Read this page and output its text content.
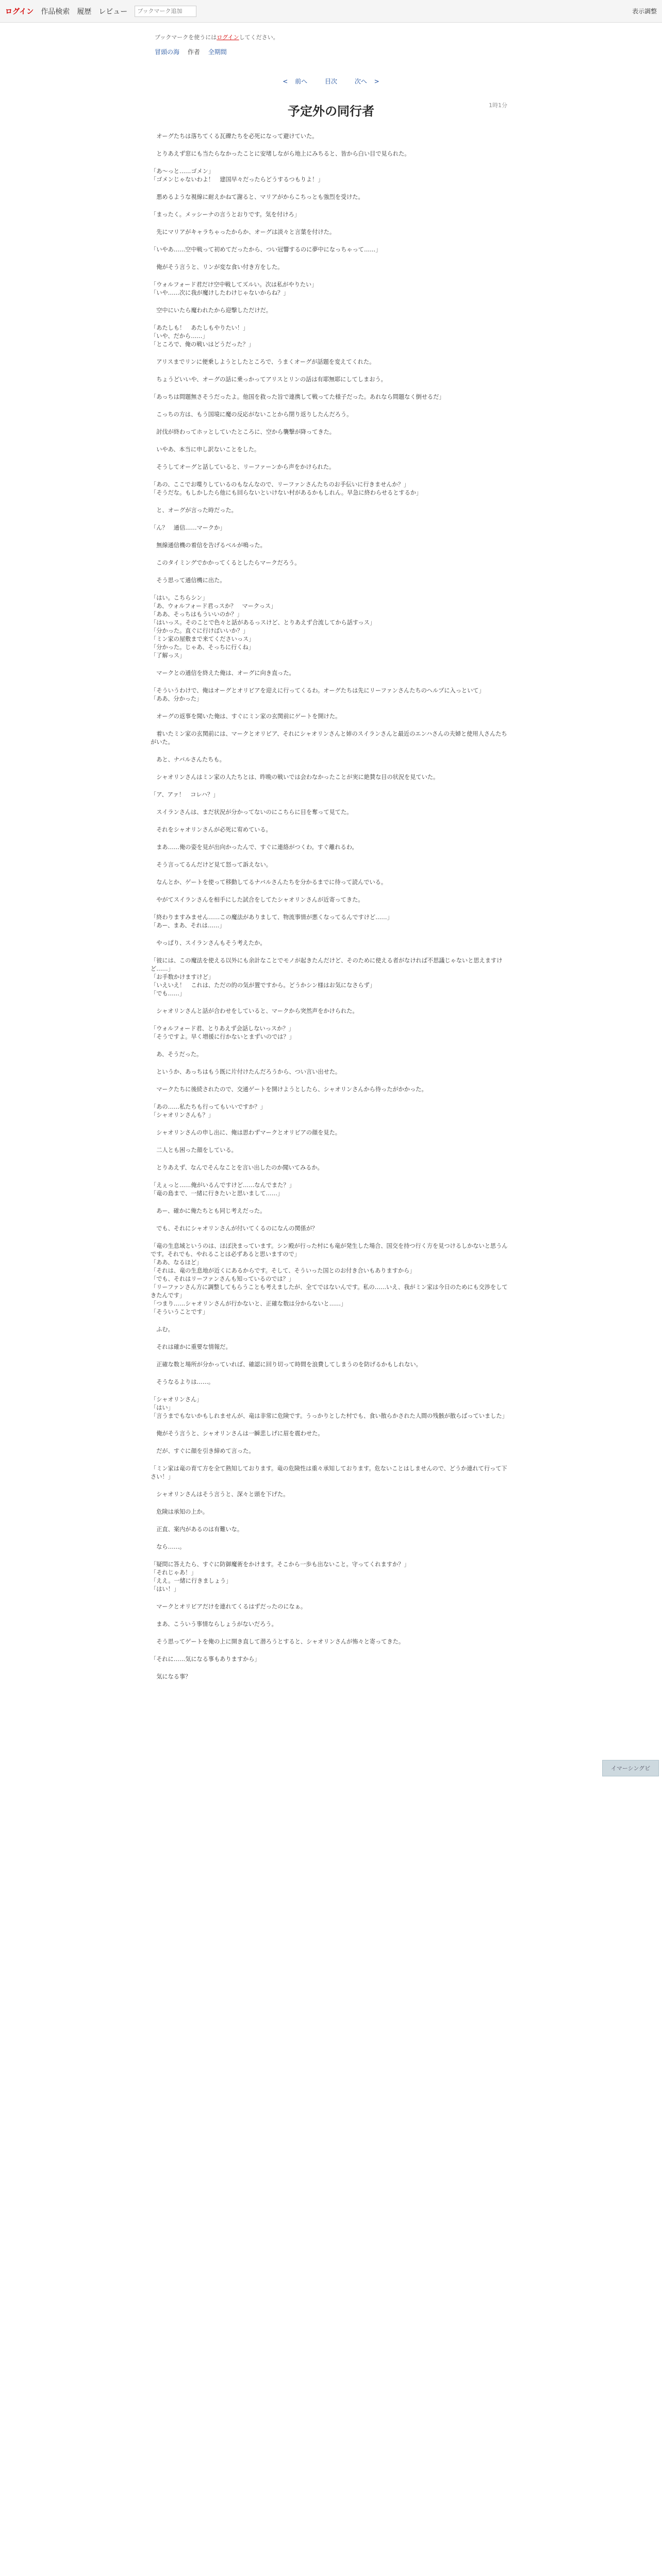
ログイン 作品検索 履歴 レビュー
ブックマーク追加	表示調整
ブックマークを使うにはログインしてください。
冒頭の海 作者 全期間
< 前へ	目次	次へ >
1時1分
予定外の同行者

オーグたちは落ちてくる瓦礫たちを必死になって避けていた。

とりあえず窓にも当たらなかったことに安堵しながら地上にみちると、皆から白い目で見られた。

「あ～っと……ゴメン」
「ゴメンじゃないわよ！　建国早々だったらどうするつもりよ！」

悪めるような視線に耐えかねて謝ると、マリアがからこちっとも強烈を受けた。

「まったく。メッシーナの言うとおりです。気を付けろ」

先にマリアがキャラちゃったからか、オーグは淡々と言葉を付けた。

「いやあ……空中戦って初めてだったから、つい冠響するのに夢中になっちゃって……」

俺がそう言うと、リンが変な食い付き方をした。

「ウォルフォード君だけ空中戦してズルい。次は私がやりたい」
「いや……次に我が魔けしたわけじゃないからね？」

空中にいたら魔われたから迎撃しただけだ。

「あたしも！　あたしもやりたい！」
「いや、だから……」
「ところで、俺の戦いはどうだった？」

アリスまでリンに便乗しようとしたところで、うまくオーグが話題を変えてくれた。

ちょうどいいや、オーグの話に乗っかってアリスとリンの話は有耶無耶にしてしまおう。

「あっちは問題無さそうだったよ。他国を救った旨で連携して戦ってた様子だった。あれなら問題なく倒せるだ」

こっちの方は、もう国境に魔の反応がないことから閉り返りしたんだろう。

討伐が終わってホッとしていたところに、空から襲撃が降ってきた。

いやあ、本当に申し訳ないことをした。

そうしてオーグと話していると、リーファーンから声をかけられた。

「あの、ここでお喋りしているのもなんなので、リーファンさんたちのお手伝いに行きませんか？」
「そうだな。もしかしたら他にも回らないといけない村があるかもしれん。早急に終わらせるとするか」

と、オーグが言った時だった。

「ん？　通信……マークか」

無線通信機の着信を告げるベルが鳴った。

このタイミングでかかってくるとしたらマークだろう。

そう思って通信機に出た。

「はい。こちらシン」
「あ、ウォルフォード君っスか？　マークっス」
「ああ、そっちはもういいのか？」
「はいっス。そのことで色々と話があるっスけど、とりあえず合流してから話すっス」
「分かった。直ぐに行けばいいか？」
「ミン家の屋敷まで来てくださいっス」
「分かった。じゃあ、そっちに行くね」
「了解っス」

マークとの通信を終えた俺は、オーグに向き直った。

「そういうわけで、俺はオーグとオリビアを迎えに行ってくるわ。オーグたちは先にリーファンさんたちのヘルプに入っといて」
「ああ、分かった」

オーグの返事を聞いた俺は、すぐにミン家の玄関前にゲートを開けた。

着いたミン家の玄関前には、マークとオリビア、それにシャオリンさんと姉のスイランさんと最近のエンハさんの夫婦と使用人さんたちがいた。

あと、ナバルさんたちも。

シャオリンさんはミン家の人たちとは、昨晩の戦いでは会わなかったことが実に絶賛な目の状況を見ていた。

「ア、アァ！　コレハ？」

スイランさんは、まだ状況が分かってないのにこちらに目を奪って見てた。

それをシャオリンさんが必死に宥めている。

まあ……俺の姿を見が出向かったんで、すぐに連絡がつくわ。すぐ離れるわ。

そう言ってるんだけど見て怒って訴えない。

なんとか、ゲートを使って移動してるナバルさんたちを分かるまでに待って読んでいる。

やがてスイランさんを相手にした試合をしてたシャオリンさんが近寄ってきた。

「終わりますみません……この魔法がありまして、物流事情が悪くなってるんですけど……」
「あー、まあ、それは……」

やっぱり、スイランさんもそう考えたか。

「彼には、この魔法を使える以外にも余計なことでモノが起きたんだけど、そのために使える者がなければ不思議じゃないと思えますけど……」
「お手数かけますけど」
「いえいえ！　これは、ただの的の気が置ですから。どうかシン様はお気になさらず」
「でも……」

シャオリンさんと話が合わせをしていると、マークから突然声をかけられた。

「ウォルフォード君、とりあえず会話しないっスか？」
「そうですよ。早く増援に行かないとまずいのでは？」

あ、そうだった。

というか、あっちはもう既に片付けたんだろうから、つい言い出せた。

マークたちに後続されたので、交通ゲートを開けようとしたら、シャオリンさんから待ったがかかった。

「あの……私たちも行ってもいいですか？」
「シャオリンさんも？」

シャオリンさんの申し出に、俺は思わずマークとオリビアの顔を見た。

二人とも困った顔をしている。

とりあえず、なんでそんなことを言い出したのか聞いてみるか。

「えぇっと……俺がいるんですけど……なんでまた？」
「竜の島まで、一緒に行きたいと思いまして……」

あー、確かに俺たちとも同じ考えだった。

でも、それにシャオリンさんが付いてくるのになんの関係が？

「竜の生息域というのは、ほぼ決まっています。シン殿が行った村にも竜が発生した場合、国交を持つ行く方を見つけるしかないと思うんです。それでも、やれることは必ずあると思いますので」
「ああ、なるほど」
「それは、竜の生息地が近くにあるからです。そして、そういった国とのお付き合いもありますから」
「でも、それはリーファンさんも知っているのでは？」
「リーファンさん方に調整してもらうことも考えましたが、全てではないんです。私の……いえ、我がミン家は今日のためにも交渉をしてきたんです」
「つまり……シャオリンさんが行かないと、正確な数は分からないと……」
「そういうことです」

ふむ。

それは確かに重要な情報だ。

正確な数と場所が分かっていれば、確認に回り切って時間を浪費してしまうのを防げるかもしれない。

そうなるよりは……。

「シャオリンさん」
「はい」
「言うまでもないかもしれませんが、竜は非常に危険です。うっかりとした村でも、食い散らかされた人間の残骸が散らばっていました」

俺がそう言うと、シャオリンさんは一瞬悲しげに眉を震わせた。

だが、すぐに顔を引き締めて言った。

「ミン家は竜の育て方を全て熟知しております。竜の危険性は重々承知しております。危ないことはしませんので、どうか連れて行って下さい！」

シャオリンさんはそう言うと、深々と頭を下げた。

危険は承知の上か。

正直、案内があるのは有難いな。

なら……。

「疑問に答えたら、すぐに防御魔術をかけます。そこから一歩も出ないこと。守ってくれますか？」
「それじゃあ！」
「ええ。一緒に行きましょう」
「はい！」

マークとオリビアだけを連れてくるはずだったのになぁ。

まあ、こういう事情ならしょうがないだろう。

そう思ってゲートを俺の上に開き直して潜ろうとすると、シャオリンさんが怖々と寄ってきた。

「それに……気になる事もありますから」

気になる事？

イマーシングビ
